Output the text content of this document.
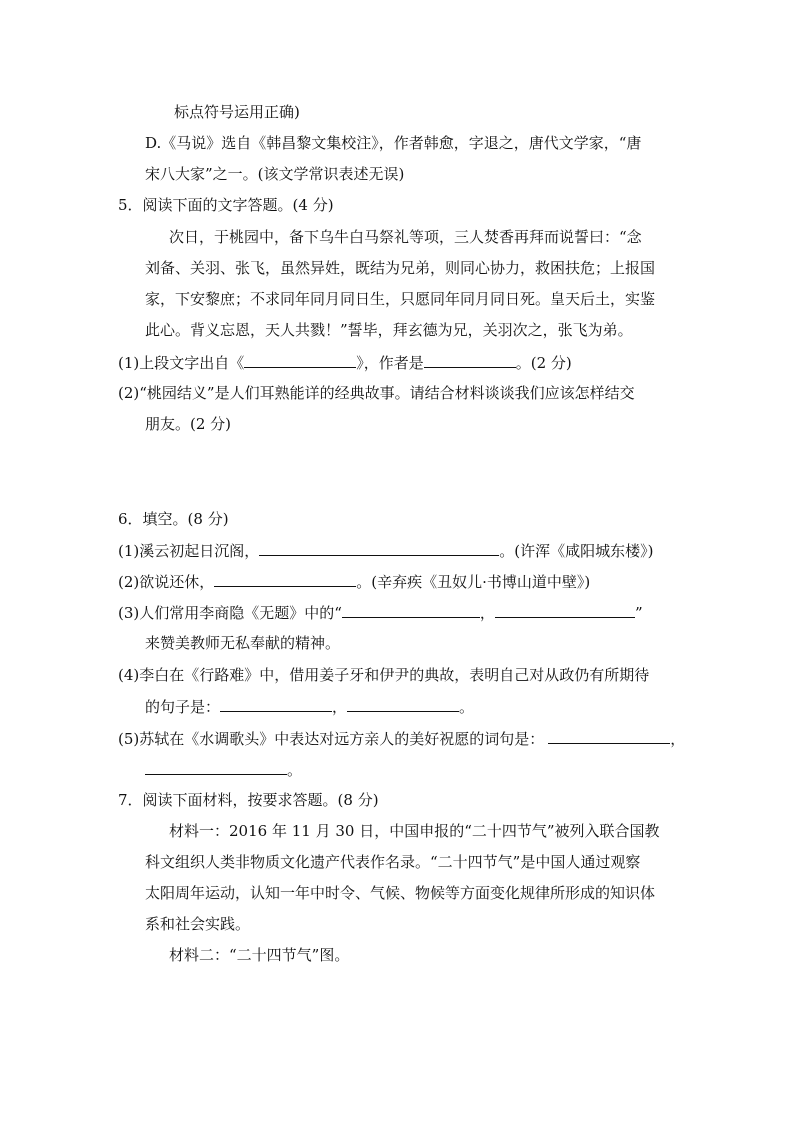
标点符号运用正确)
D.《马说》选自《韩昌黎文集校注》，作者韩愈，字退之，唐代文学家，“唐
宋八大家”之一。(该文学常识表述无误)
5．阅读下面的文字答题。(4 分)
次日，于桃园中，备下乌牛白马祭礼等项，三人焚香再拜而说誓曰：“念
刘备、关羽、张飞，虽然异姓，既结为兄弟，则同心协力，救困扶危；上报国
家，下安黎庶；不求同年同月同日生，只愿同年同月同日死。皇天后土，实鉴
此心。背义忘恩，天人共戮！”誓毕，拜玄德为兄，关羽次之，张飞为弟。
(1)上段文字出自《	》，作者是	。(2 分)
(2)“桃园结义”是人们耳熟能详的经典故事。请结合材料谈谈我们应该怎样结交
朋友。(2 分)
6．填空。(8 分)
(1)溪云初起日沉阁，	。(许浑《咸阳城东楼》)
(2)欲说还休，	。(辛弃疾《丑奴儿·书博山道中壁》)
(3)人们常用李商隐《无题》中的“	，	”
来赞美教师无私奉献的精神。
(4)李白在《行路难》中，借用姜子牙和伊尹的典故，表明自己对从政仍有所期待
的句子是：	，	。
(5)苏轼在《水调歌头》中表达对远方亲人的美好祝愿的词句是：	，
。
7．阅读下面材料，按要求答题。(8 分)
材料一：2016 年 11 月 30 日，中国申报的“二十四节气”被列入联合国教
科文组织人类非物质文化遗产代表作名录。“二十四节气”是中国人通过观察
太阳周年运动，认知一年中时令、气候、物候等方面变化规律所形成的知识体
系和社会实践。
材料二：“二十四节气”图。
